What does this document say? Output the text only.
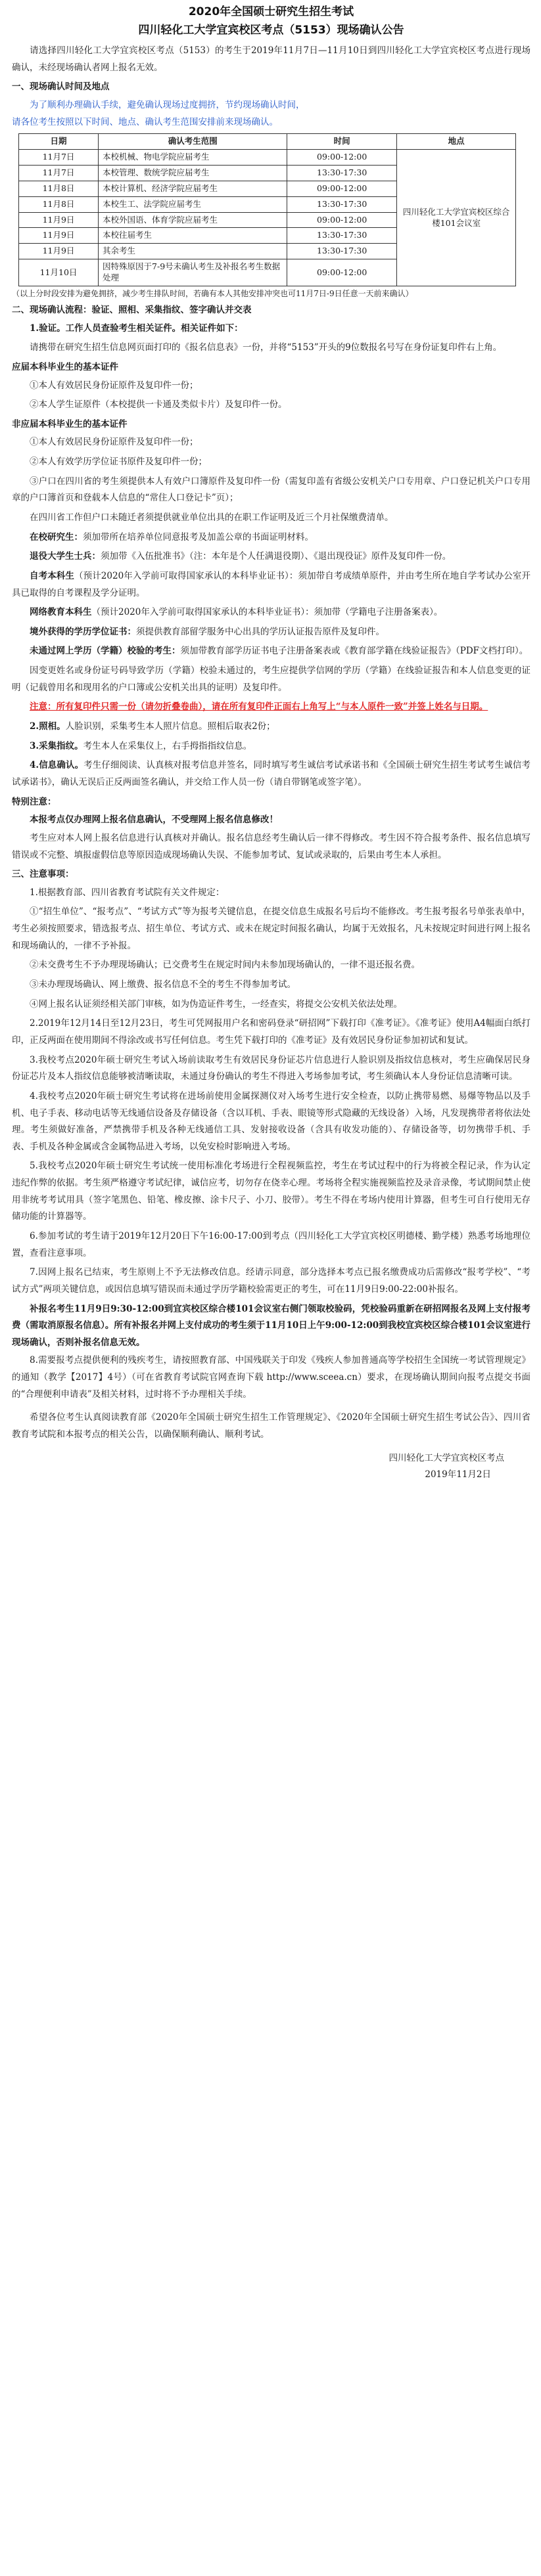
2020年全国硕士研究生招生考试
四川轻化工大学宜宾校区考点（5153）现场确认公告

请选择四川轻化工大学宜宾校区考点（5153）的考生于2019年11月7日—11月10日到四川轻化工大学宜宾校区考点进行现场确认，未经现场确认者网上报名无效。

一、现场确认时间及地点

为了顺利办理确认手续，避免确认现场过度拥挤，节约现场确认时间，

请各位考生按照以下时间、地点、确认考生范围安排前来现场确认。

日期	确认考生范围	时间	地点
11月7日	本校机械、物电学院应届考生	09:00-12:00	四川轻化工大学宜宾校区综合楼101会议室
11月7日	本校管理、数统学院应届考生	13:30-17:30	
11月8日	本校计算机、经济学院应届考生	09:00-12:00	
11月8日	本校生工、法学院应届考生	13:30-17:30	
11月9日	本校外国语、体育学院应届考生	09:00-12:00	
11月9日	本校往届考生	13:30-17:30	
11月9日	其余考生	13:30-17:30	
11月10日	因特殊原因于7-9号未确认考生及补报名考生数据处理	09:00-12:00	

（以上分时段安排为避免拥挤，减少考生排队时间，若确有本人其他安排冲突也可11月7日-9日任意一天前来确认）

二、现场确认流程：验证、照相、采集指纹、签字确认并交表

1.验证。工作人员查验考生相关证件。相关证件如下：

请携带在研究生招生信息网页面打印的《报名信息表》一份，并将“5153”开头的9位数报名号写在身份证复印件右上角。

应届本科毕业生的基本证件

①本人有效居民身份证原件及复印件一份；

②本人学生证原件（本校提供一卡通及类似卡片）及复印件一份。

非应届本科毕业生的基本证件

①本人有效居民身份证原件及复印件一份；

②本人有效学历学位证书原件及复印件一份；

③户口在四川省的考生须提供本人有效户口簿原件及复印件一份（需复印盖有省级公安机关户口专用章、户口登记机关户口专用章的户口簿首页和登载本人信息的“常住人口登记卡”页）；

在四川省工作但户口未随迁者须提供就业单位出具的在职工作证明及近三个月社保缴费清单。

在校研究生：须加带所在培养单位同意报考及加盖公章的书面证明材料。

退役大学生士兵：须加带《入伍批准书》（注：本年是个人任满退役期）、《退出现役证》原件及复印件一份。

自考本科生（预计2020年入学前可取得国家承认的本科毕业证书）：须加带自考成绩单原件，并由考生所在地自学考试办公室开具已取得的自考课程及学分证明。

网络教育本科生（预计2020年入学前可取得国家承认的本科毕业证书）：须加带（学籍电子注册备案表）。

境外获得的学历学位证书：须提供教育部留学服务中心出具的学历认证报告原件及复印件。

未通过网上学历（学籍）校验的考生：须加带教育部学历证书电子注册备案表或《教育部学籍在线验证报告》（PDF文档打印）。

因变更姓名或身份证号码导致学历（学籍）校验未通过的，考生应提供学信网的学历（学籍）在线验证报告和本人信息变更的证明（记载曾用名和现用名的户口簿或公安机关出具的证明）及复印件。

注意：所有复印件只需一份（请勿折叠卷曲），请在所有复印件正面右上角写上“与本人原件一致”并签上姓名与日期。

2.照相。人脸识别，采集考生本人照片信息。照相后取表2份；

3.采集指纹。考生本人在采集仪上，右手拇指指纹信息。

4.信息确认。考生仔细阅读、认真核对报考信息并签名，同时填写考生诚信考试承诺书和《全国硕士研究生招生考试考生诚信考试承诺书》，确认无误后正反两面签名确认，并交给工作人员一份（请自带钢笔或签字笔）。

特别注意：

本报考点仅办理网上报名信息确认，不受理网上报名信息修改！

考生应对本人网上报名信息进行认真核对并确认。报名信息经考生确认后一律不得修改。考生因不符合报考条件、报名信息填写错误或不完整、填报虚假信息等原因造成现场确认失误、不能参加考试、复试或录取的，后果由考生本人承担。

三、注意事项：

1.根据教育部、四川省教育考试院有关文件规定：

①“招生单位”、“报考点”、“考试方式”等为报考关键信息，在提交信息生成报名号后均不能修改。考生报考报名号单张表单中，考生必须按照要求，错选报考点、招生单位、考试方式、或未在规定时间报名确认，均属于无效报名，凡未按规定时间进行网上报名和现场确认的，一律不予补报。

②未交费考生不予办理现场确认；已交费考生在规定时间内未参加现场确认的，一律不退还报名费。

③未办理现场确认、网上缴费、报名信息不全的考生不得参加考试。

④网上报名认证须经相关部门审核，如为伪造证件考生，一经查实，将提交公安机关依法处理。

2.2019年12月14日至12月23日，考生可凭网报用户名和密码登录“研招网”下载打印《准考证》。《准考证》使用A4幅面白纸打印，正反两面在使用期间不得涂改或书写任何信息。考生凭下载打印的《准考证》及有效居民身份证参加初试和复试。

3.我校考点2020年硕士研究生考试入场前读取考生有效居民身份证芯片信息进行人脸识别及指纹信息核对，考生应确保居民身份证芯片及本人指纹信息能够被清晰读取，未通过身份确认的考生不得进入考场参加考试，考生须确认本人身份证信息清晰可读。

4.我校考点2020年硕士研究生考试将在进场前使用金属探测仪对入场考生进行安全检查，以防止携带易燃、易爆等物品以及手机、电子手表、移动电话等无线通信设备及存储设备（含以耳机、手表、眼镜等形式隐藏的无线设备）入场，凡发现携带者将依法处理。考生须做好准备，严禁携带手机及各种无线通信工具、发射接收设备（含具有收发功能的）、存储设备等，切勿携带手机、手表、手机及各种金属或含金属物品进入考场，以免安检时影响进入考场。

5.我校考点2020年硕士研究生考试统一使用标准化考场进行全程视频监控，考生在考试过程中的行为将被全程记录，作为认定违纪作弊的依据。考生须严格遵守考试纪律，诚信应考，切勿存在侥幸心理。考场将全程实施视频监控及录音录像，考试期间禁止使用非统考考试用具（签字笔黑色、铅笔、橡皮擦、涂卡尺子、小刀、胶带）。考生不得在考场内使用计算器，但考生可自行使用无存储功能的计算器等。

6.参加考试的考生请于2019年12月20日下午16:00-17:00到考点（四川轻化工大学宜宾校区明德楼、勤学楼）熟悉考场地理位置，查看注意事项。

7.因网上报名已结束，考生原则上不予无法修改信息。经请示同意，部分选择本考点已报名缴费成功后需修改“报考学校”、“考试方式”两项关键信息，或因信息填写错误而未通过学历学籍校验需更正的考生，可在11月9日9:00-22:00补报名。

补报名考生11月9日9:30-12:00到宜宾校区综合楼101会议室右侧门领取校验码，凭校验码重新在研招网报名及网上支付报考费（需取消原报名信息）。所有补报名并网上支付成功的考生须于11月10日上午9:00-12:00到我校宜宾校区综合楼101会议室进行现场确认，否则补报名信息无效。

8.需要报考点提供便利的残疾考生，请按照教育部、中国残联关于印发《残疾人参加普通高等学校招生全国统一考试管理规定》的通知（教学【2017】4号）（可在省教育考试院官网查询下载 http://www.sceea.cn）要求，在现场确认期间向报考点提交书面的“合理便利申请表”及相关材料，过时将不予办理相关手续。

希望各位考生认真阅读教育部《2020年全国硕士研究生招生工作管理规定》、《2020年全国硕士研究生招生考试公告》、四川省教育考试院和本报考点的相关公告，以确保顺利确认、顺利考试。

四川轻化工大学宜宾校区考点

2019年11月2日
